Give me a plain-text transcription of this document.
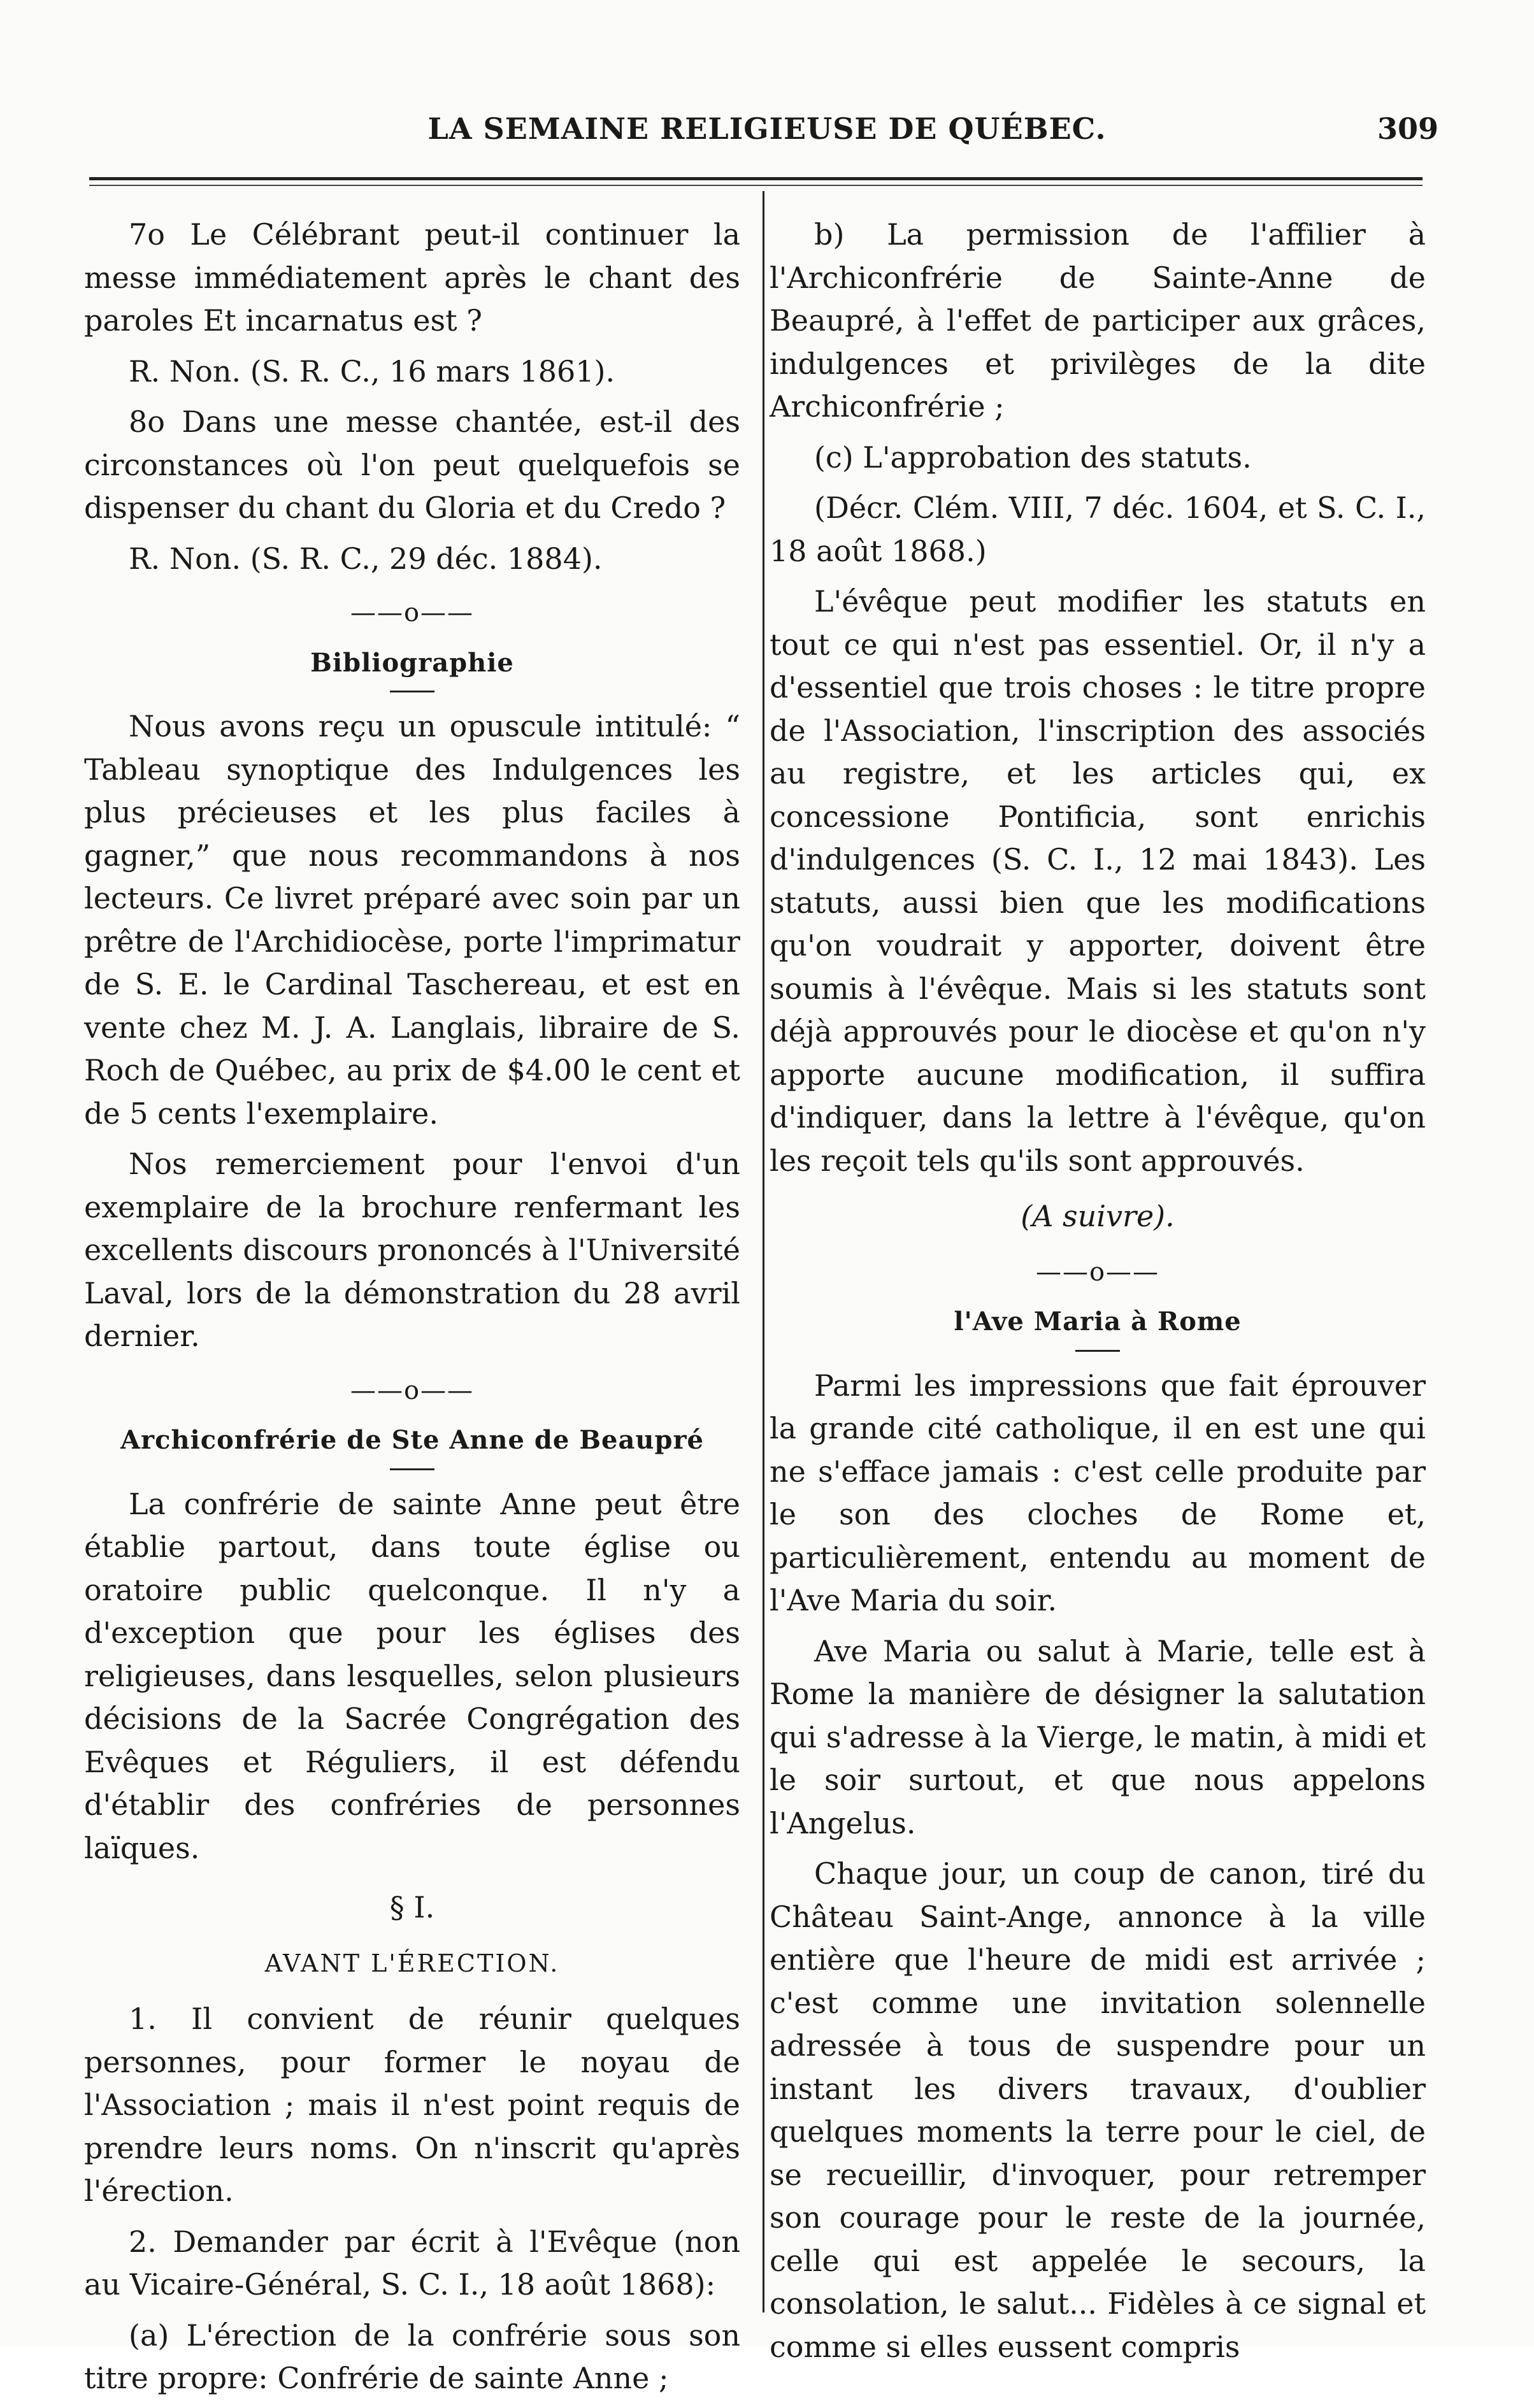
LA SEMAINE RELIGIEUSE DE QUÉBEC.	309

7o Le Célébrant peut-il continuer la messe immédiatement après le chant des paroles Et incarnatus est ?

R. Non. (S. R. C., 16 mars 1861).

8o Dans une messe chantée, est-il des circonstances où l'on peut quelquefois se dispenser du chant du Gloria et du Credo ?

R. Non. (S. R. C., 29 déc. 1884).

——o——
Bibliographie

Nous avons reçu un opuscule intitulé: “ Tableau synoptique des Indulgences les plus précieuses et les plus faciles à gagner,” que nous recommandons à nos lecteurs. Ce livret préparé avec soin par un prêtre de l'Archidiocèse, porte l'imprimatur de S. E. le Cardinal Taschereau, et est en vente chez M. J. A. Langlais, libraire de S. Roch de Québec, au prix de $4.00 le cent et de 5 cents l'exemplaire.

Nos remerciement pour l'envoi d'un exemplaire de la brochure renfermant les excellents discours prononcés à l'Université Laval, lors de la démonstration du 28 avril dernier.

——o——
Archiconfrérie de Ste Anne de Beaupré

La confrérie de sainte Anne peut être établie partout, dans toute église ou oratoire public quelconque. Il n'y a d'exception que pour les églises des religieuses, dans lesquelles, selon plusieurs décisions de la Sacrée Congrégation des Evêques et Réguliers, il est défendu d'établir des confréries de personnes laïques.

§ I.
AVANT L'ÉRECTION.

1. Il convient de réunir quelques personnes, pour former le noyau de l'Association ; mais il n'est point requis de prendre leurs noms. On n'inscrit qu'après l'érection.

2. Demander par écrit à l'Evêque (non au Vicaire-Général, S. C. I., 18 août 1868):

(a) L'érection de la confrérie sous son titre propre: Confrérie de sainte Anne ;

b) La permission de l'affilier à l'Archiconfrérie de Sainte-Anne de Beaupré, à l'effet de participer aux grâces, indulgences et privilèges de la dite Archiconfrérie ;

(c) L'approbation des statuts.

(Décr. Clém. VIII, 7 déc. 1604, et S. C. I., 18 août 1868.)

L'évêque peut modifier les statuts en tout ce qui n'est pas essentiel. Or, il n'y a d'essentiel que trois choses : le titre propre de l'Association, l'inscription des associés au registre, et les articles qui, ex concessione Pontificia, sont enrichis d'indulgences (S. C. I., 12 mai 1843). Les statuts, aussi bien que les modifications qu'on voudrait y apporter, doivent être soumis à l'évêque. Mais si les statuts sont déjà approuvés pour le diocèse et qu'on n'y apporte aucune modification, il suffira d'indiquer, dans la lettre à l'évêque, qu'on les reçoit tels qu'ils sont approuvés.

(A suivre).
——o——
l'Ave Maria à Rome

Parmi les impressions que fait éprouver la grande cité catholique, il en est une qui ne s'efface jamais : c'est celle produite par le son des cloches de Rome et, particulièrement, entendu au moment de l'Ave Maria du soir.

Ave Maria ou salut à Marie, telle est à Rome la manière de désigner la salutation qui s'adresse à la Vierge, le matin, à midi et le soir surtout, et que nous appelons l'Angelus.

Chaque jour, un coup de canon, tiré du Château Saint-Ange, annonce à la ville entière que l'heure de midi est arrivée ; c'est comme une invitation solennelle adressée à tous de suspendre pour un instant les divers travaux, d'oublier quelques moments la terre pour le ciel, de se recueillir, d'invoquer, pour retremper son courage pour le reste de la journée, celle qui est appelée le secours, la consolation, le salut... Fidèles à ce signal et comme si elles eussent compris
